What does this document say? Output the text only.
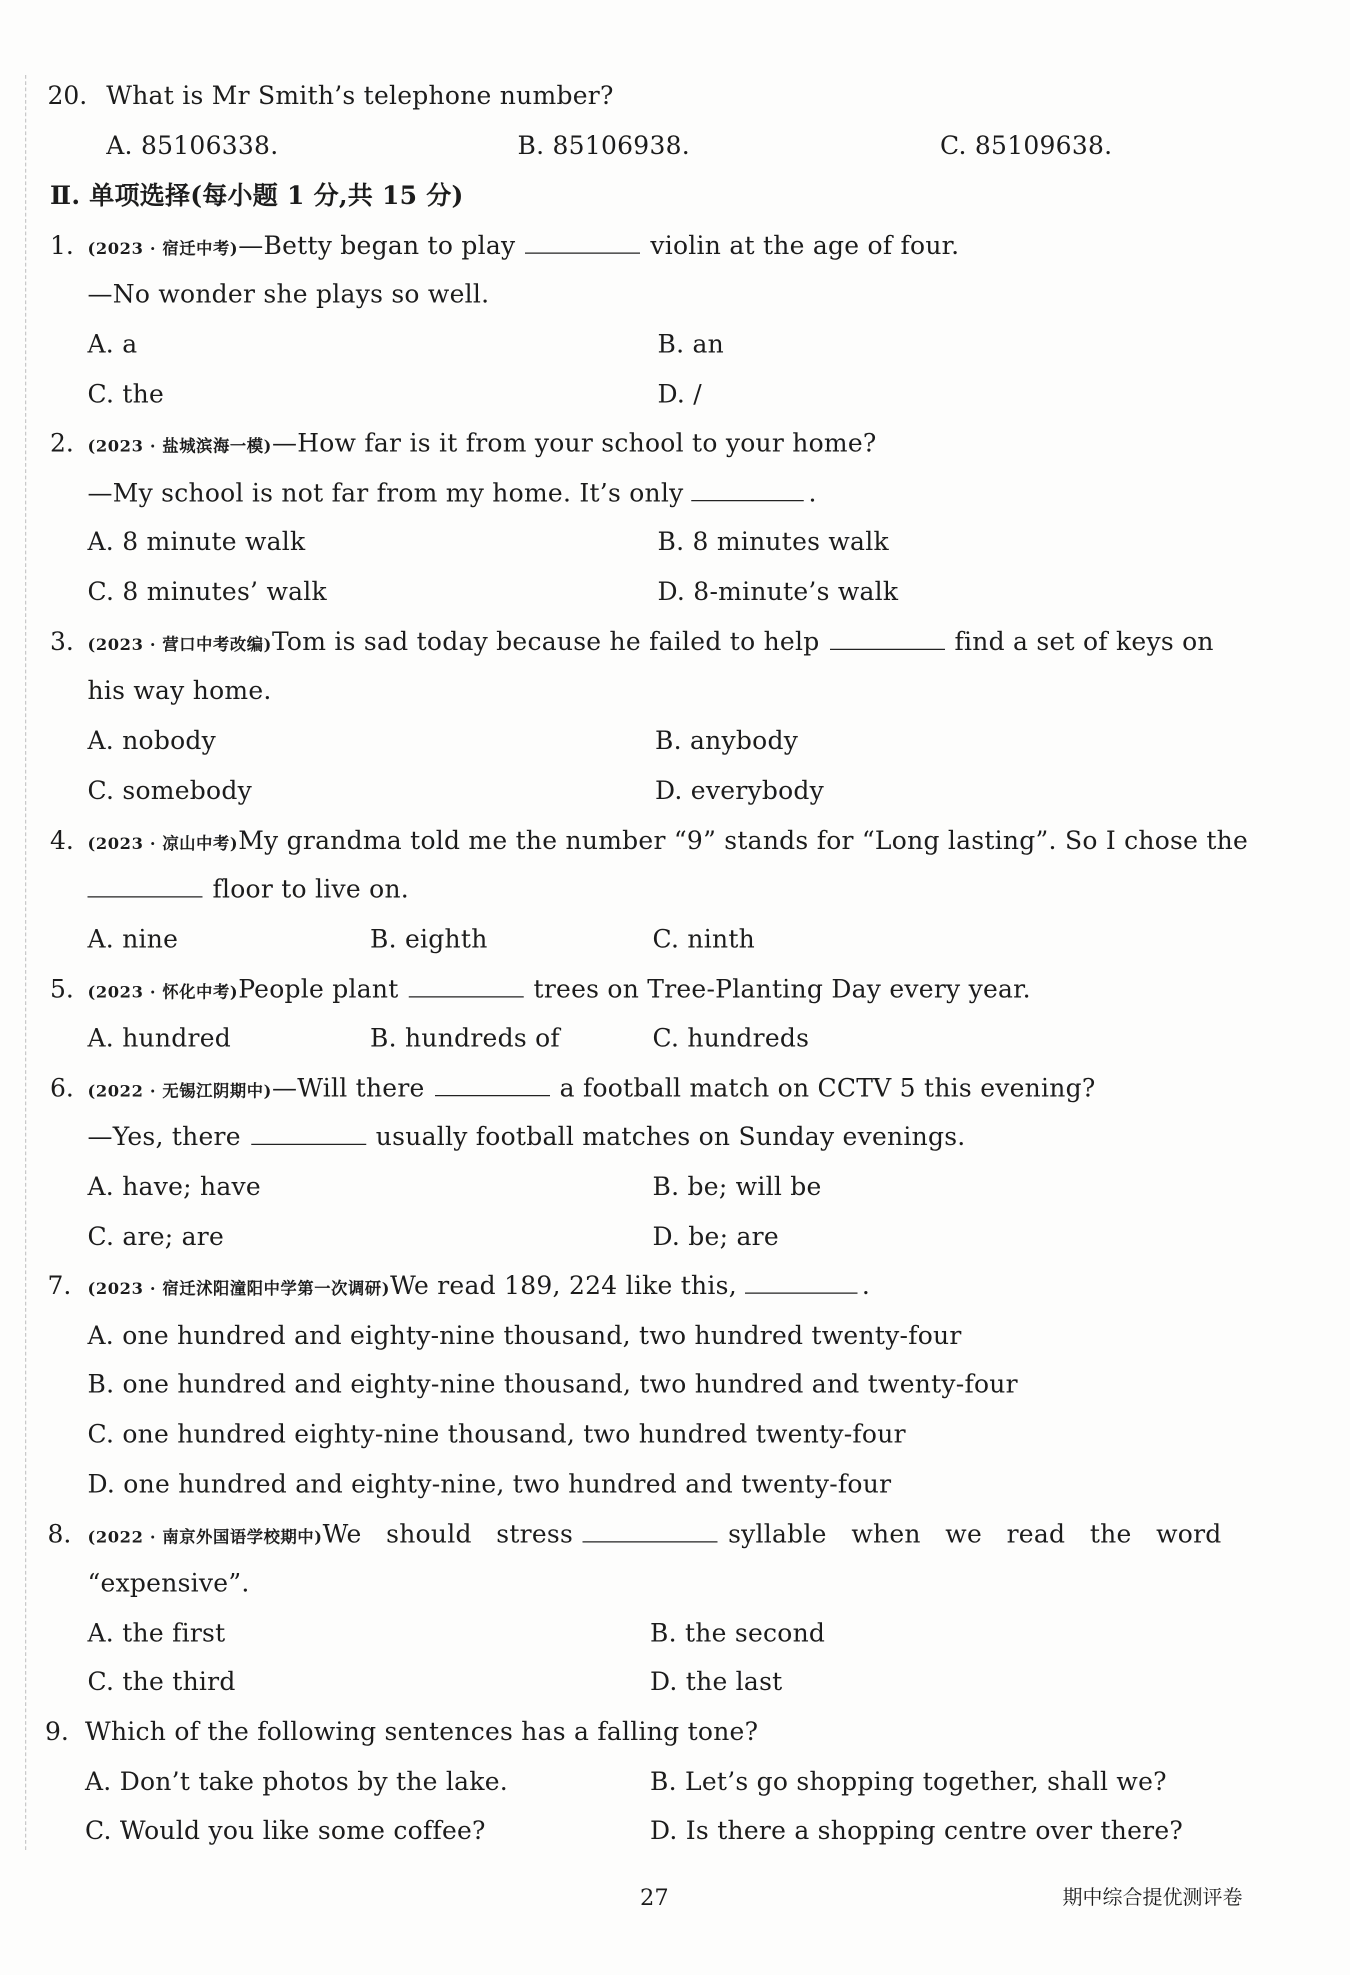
20. What is Mr Smith’s telephone number?
A. 85106338.	B. 85106938.	C. 85109638.
Ⅱ. 单项选择(每小题 1 分,共 15 分)
1. (2023 · 宿迁中考)—Betty began to play	violin at the age of four.
—No wonder she plays so well.
A. a	B. an
C. the	D. /
2. (2023 · 盐城滨海一模)—How far is it from your school to your home?
—My school is not far from my home. It’s only	.
A. 8 minute walk	B. 8 minutes walk
C. 8 minutes’ walk	D. 8-minute’s walk
3. (2023 · 营口中考改编)Tom is sad today because he failed to help	find a set of keys on
his way home.
A. nobody	B. anybody
C. somebody	D. everybody
4. (2023 · 凉山中考)My grandma told me the number “9” stands for “Long lasting”. So I chose the
floor to live on.
A. nine	B. eighth	C. ninth
5. (2023 · 怀化中考)People plant	trees on Tree-Planting Day every year.
A. hundred	B. hundreds of	C. hundreds
6. (2022 · 无锡江阴期中)—Will there	a football match on CCTV 5 this evening?
—Yes, there	usually football matches on Sunday evenings.
A. have; have	B. be; will be
C. are; are	D. be; are
7. (2023 · 宿迁沭阳潼阳中学第一次调研)We read 189, 224 like this,	.
A. one hundred and eighty-nine thousand, two hundred twenty-four
B. one hundred and eighty-nine thousand, two hundred and twenty-four
C. one hundred eighty-nine thousand, two hundred twenty-four
D. one hundred and eighty-nine, two hundred and twenty-four
8. (2022 · 南京外国语学校期中)We   should   stress	syllable   when   we   read   the   word
“expensive”.
A. the first	B. the second
C. the third	D. the last
9. Which of the following sentences has a falling tone?
A. Don’t take photos by the lake.	B. Let’s go shopping together, shall we?
C. Would you like some coffee?	D. Is there a shopping centre over there?
27	期中综合提优测评卷
